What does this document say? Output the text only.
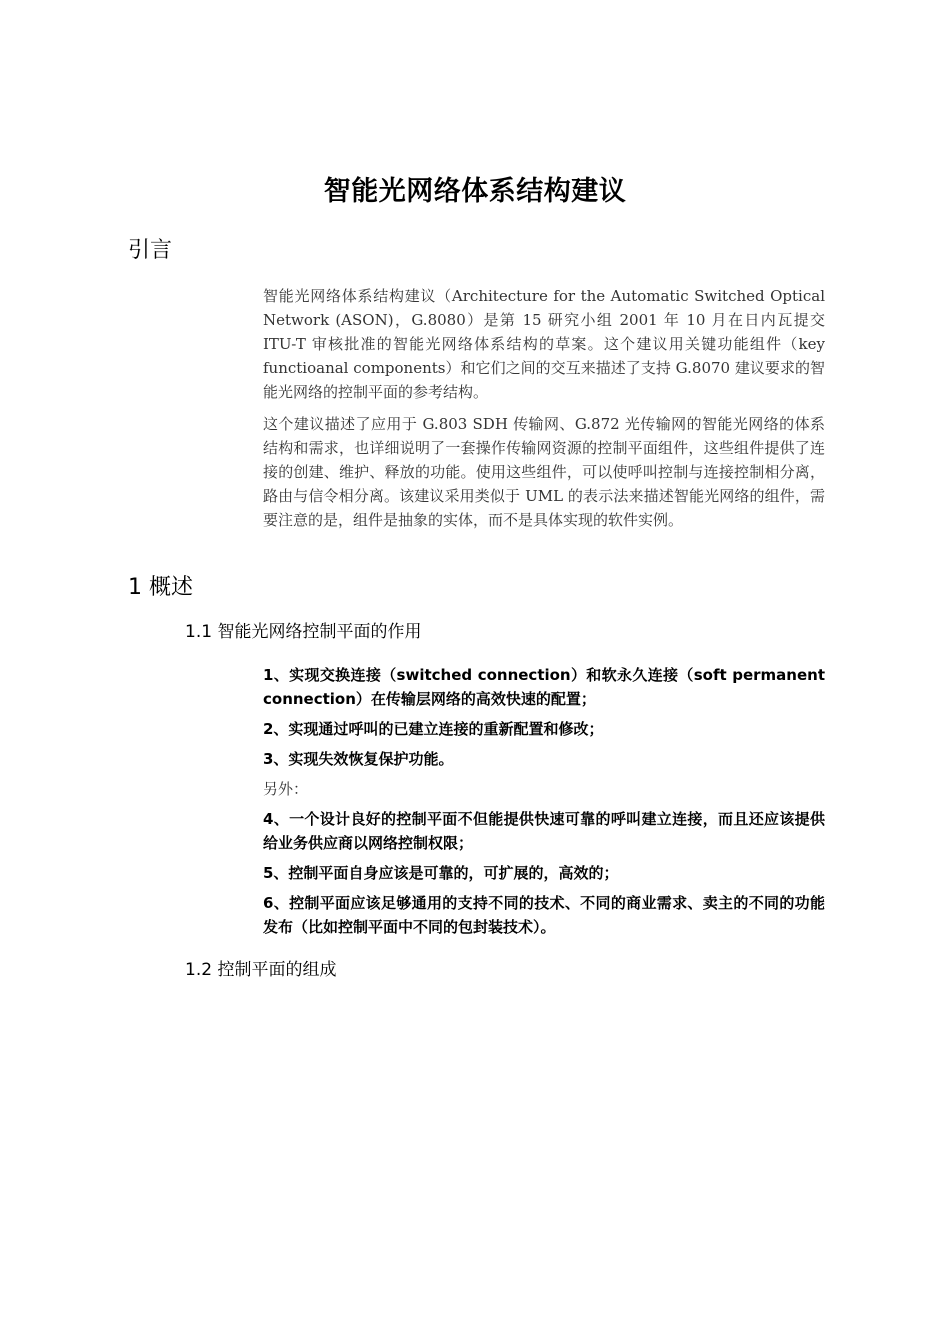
智能光网络体系结构建议
引言

智能光网络体系结构建议（Architecture for the Automatic Switched Optical Network (ASON)，G.8080）是第 15 研究小组 2001 年 10 月在日内瓦提交 ITU-T 审核批准的智能光网络体系结构的草案。这个建议用关键功能组件（key functioanal components）和它们之间的交互来描述了支持 G.8070 建议要求的智能光网络的控制平面的参考结构。

这个建议描述了应用于 G.803 SDH 传输网、G.872 光传输网的智能光网络的体系结构和需求，也详细说明了一套操作传输网资源的控制平面组件，这些组件提供了连接的创建、维护、释放的功能。使用这些组件，可以使呼叫控制与连接控制相分离，路由与信令相分离。该建议采用类似于 UML 的表示法来描述智能光网络的组件，需要注意的是，组件是抽象的实体，而不是具体实现的软件实例。

1 概述
1.1 智能光网络控制平面的作用

1、实现交换连接（switched connection）和软永久连接（soft permanent connection）在传输层网络的高效快速的配置；

2、实现通过呼叫的已建立连接的重新配置和修改；

3、实现失效恢复保护功能。

另外：

4、一个设计良好的控制平面不但能提供快速可靠的呼叫建立连接，而且还应该提供给业务供应商以网络控制权限；

5、控制平面自身应该是可靠的，可扩展的，高效的；

6、控制平面应该足够通用的支持不同的技术、不同的商业需求、卖主的不同的功能发布（比如控制平面中不同的包封装技术）。

1.2 控制平面的组成
